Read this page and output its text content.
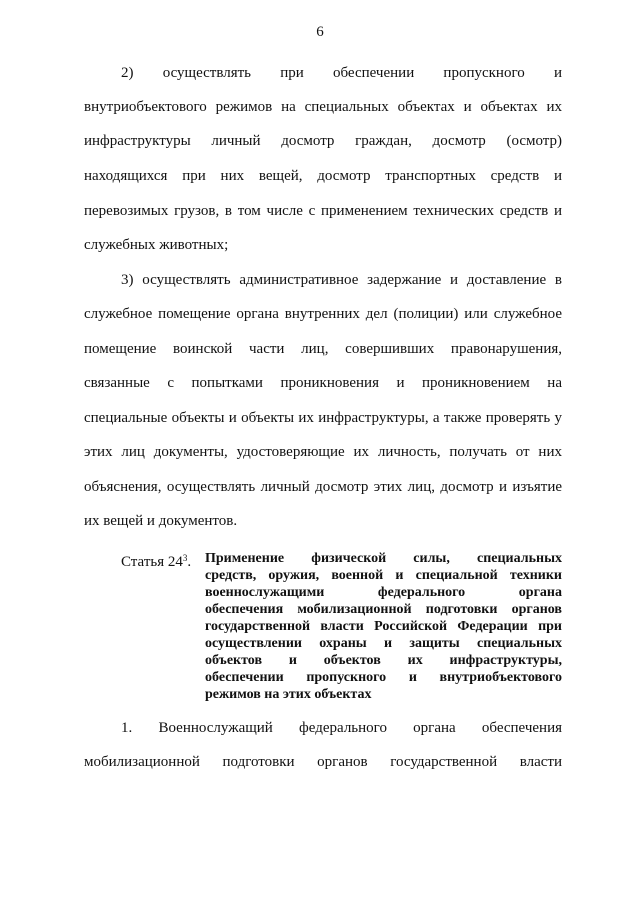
6
2) осуществлять при обеспечении пропускного и
внутриобъектового режимов на специальных объектах и объектах их
инфраструктуры личный досмотр граждан, досмотр (осмотр)
находящихся при них вещей, досмотр транспортных средств и
перевозимых грузов, в том числе с применением технических средств и
служебных животных;
3) осуществлять административное задержание и доставление в
служебное помещение органа внутренних дел (полиции) или служебное
помещение воинской части лиц, совершивших правонарушения,
связанные с попытками проникновения и проникновением на
специальные объекты и объекты их инфраструктуры, а также проверять у
этих лиц документы, удостоверяющие их личность, получать от них
объяснения, осуществлять личный досмотр этих лиц, досмотр и изъятие
их вещей и документов.
Статья $24^3$. Применение физической силы, специальных
средств, оружия, военной и специальной техники
военнослужащими федерального органа
обеспечения мобилизационной подготовки органов
государственной власти Российской Федерации при
осуществлении охраны и защиты специальных
объектов и объектов их инфраструктуры,
обеспечении пропускного и внутриобъектового
режимов на этих объектах
1. Военнослужащий федерального органа обеспечения
мобилизационной подготовки органов государственной власти
